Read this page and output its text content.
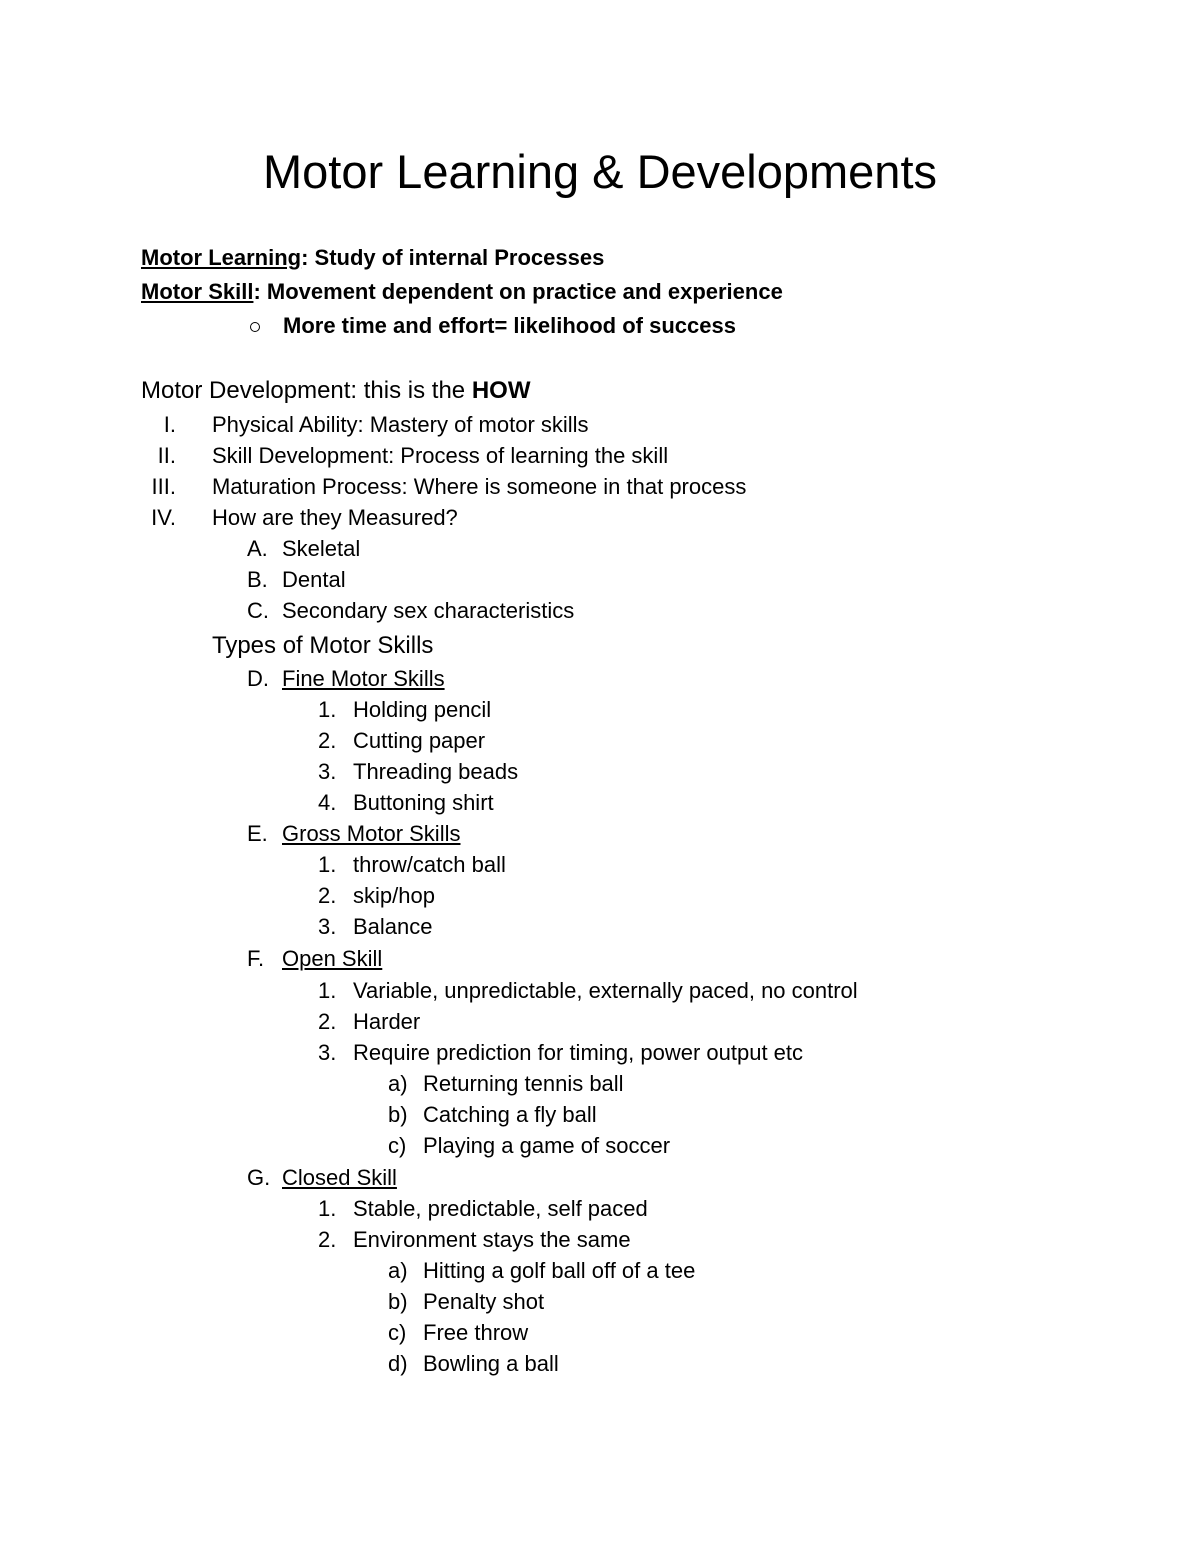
Motor Learning & Developments
Motor Learning: Study of internal Processes
Motor Skill: Movement dependent on practice and experience
More time and effort= likelihood of success
Motor Development: this is the HOW
I. Physical Ability: Mastery of motor skills
II. Skill Development: Process of learning the skill
III. Maturation Process: Where is someone in that process
IV. How are they Measured?
A. Skeletal
B. Dental
C. Secondary sex characteristics
Types of Motor Skills
D. Fine Motor Skills
1. Holding pencil
2. Cutting paper
3. Threading beads
4. Buttoning shirt
E. Gross Motor Skills
1. throw/catch ball
2. skip/hop
3. Balance
F. Open Skill
1. Variable, unpredictable, externally paced, no control
2. Harder
3. Require prediction for timing, power output etc
a) Returning tennis ball
b) Catching a fly ball
c) Playing a game of soccer
G. Closed Skill
1. Stable, predictable, self paced
2. Environment stays the same
a) Hitting a golf ball off of a tee
b) Penalty shot
c) Free throw
d) Bowling a ball
